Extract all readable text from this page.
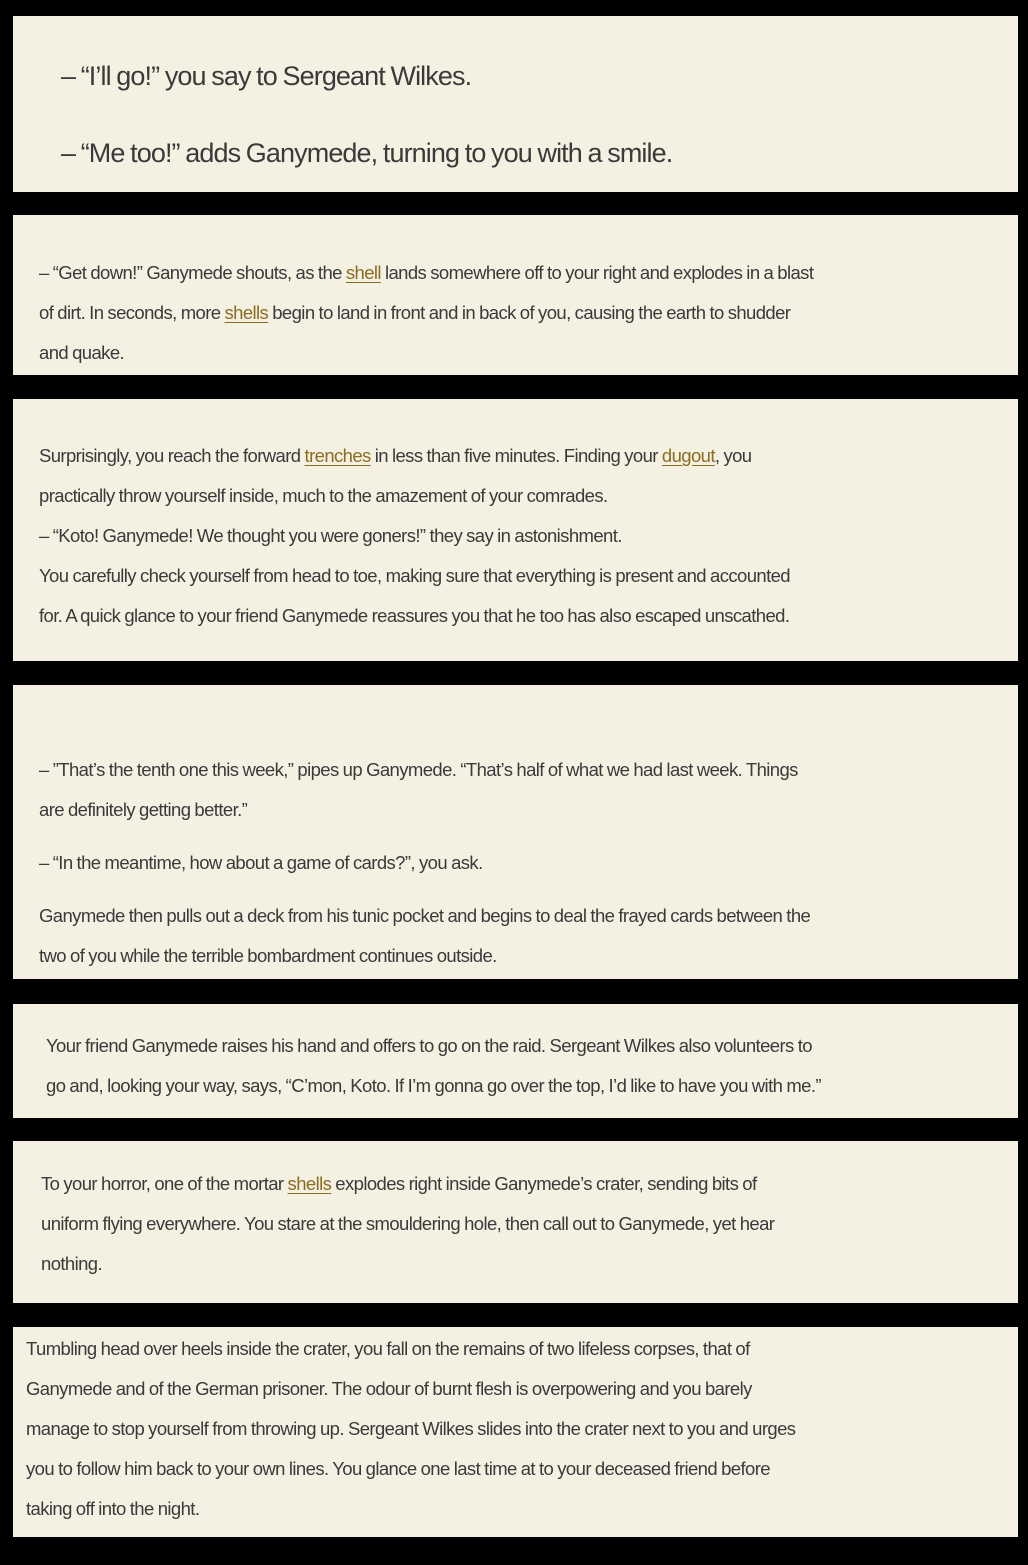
– “I’ll go!” you say to Sergeant Wilkes.

– “Me too!” adds Ganymede, turning to you with a smile.

– “Get down!” Ganymede shouts, as the shell lands somewhere off to your right and explodes in a blast

of dirt. In seconds, more shells begin to land in front and in back of you, causing the earth to shudder

and quake.

Surprisingly, you reach the forward trenches in less than five minutes. Finding your dugout, you

practically throw yourself inside, much to the amazement of your comrades.

– “Koto! Ganymede! We thought you were goners!” they say in astonishment.

You carefully check yourself from head to toe, making sure that everything is present and accounted

for. A quick glance to your friend Ganymede reassures you that he too has also escaped unscathed.

– ”That’s the tenth one this week,” pipes up Ganymede. “That’s half of what we had last week. Things

are definitely getting better.”

– “In the meantime, how about a game of cards?”, you ask.

Ganymede then pulls out a deck from his tunic pocket and begins to deal the frayed cards between the

two of you while the terrible bombardment continues outside.

Your friend Ganymede raises his hand and offers to go on the raid. Sergeant Wilkes also volunteers to

go and, looking your way, says, “C’mon, Koto. If I’m gonna go over the top, I’d like to have you with me.”

To your horror, one of the mortar shells explodes right inside Ganymede’s crater, sending bits of

uniform flying everywhere. You stare at the smouldering hole, then call out to Ganymede, yet hear

nothing.

Tumbling head over heels inside the crater, you fall on the remains of two lifeless corpses, that of

Ganymede and of the German prisoner. The odour of burnt flesh is overpowering and you barely

manage to stop yourself from throwing up. Sergeant Wilkes slides into the crater next to you and urges

you to follow him back to your own lines. You glance one last time at to your deceased friend before

taking off into the night.
